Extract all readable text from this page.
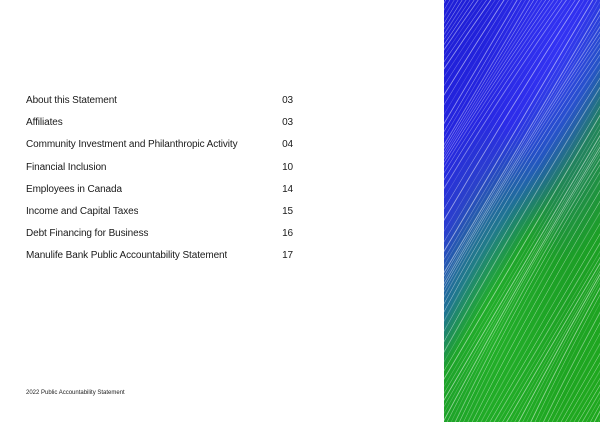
About this Statement	03
Affiliates	03
Community Investment and Philanthropic Activity	04
Financial Inclusion	10
Employees in Canada	14
Income and Capital Taxes	15
Debt Financing for Business	16
Manulife Bank Public Accountability Statement	17
2022 Public Accountability Statement
